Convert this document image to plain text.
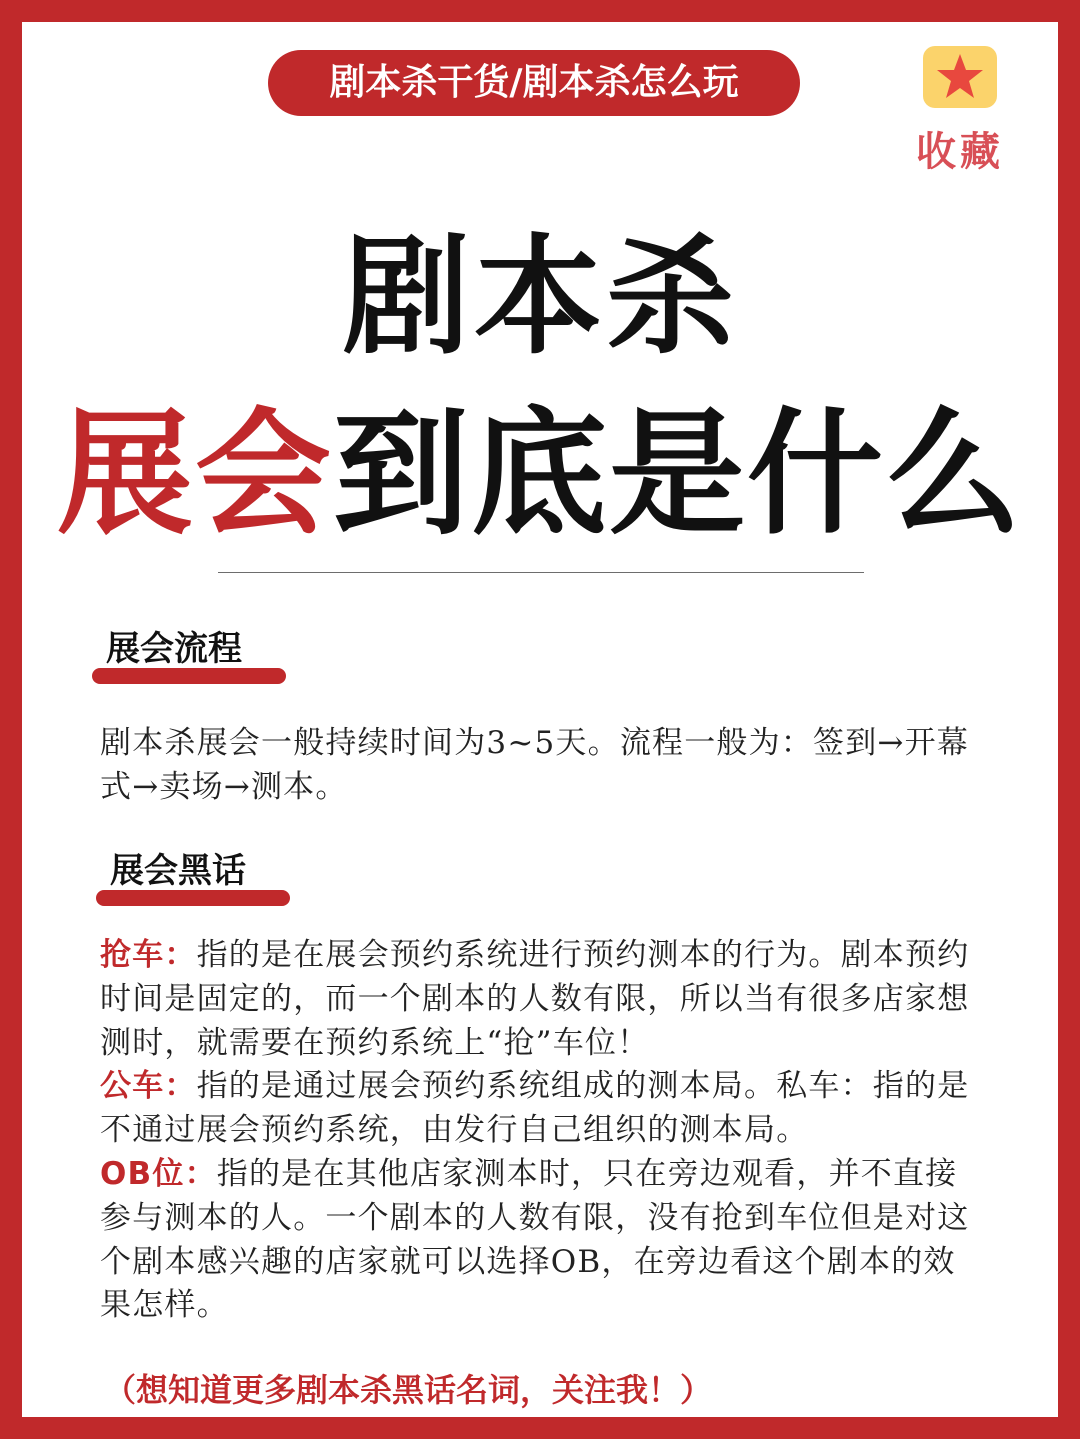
剧本杀干货/剧本杀怎么玩
收藏
剧本杀
展会到底是什么
展会流程
剧本杀展会一般持续时间为3~5天。流程一般为：签到→开幕式→卖场→测本。
展会黑话
抢车：指的是在展会预约系统进行预约测本的行为。剧本预约时间是固定的，而一个剧本的人数有限，所以当有很多店家想测时，就需要在预约系统上“抢”车位！
公车：指的是通过展会预约系统组成的测本局。私车：指的是不通过展会预约系统，由发行自己组织的测本局。
OB位：指的是在其他店家测本时，只在旁边观看，并不直接参与测本的人。一个剧本的人数有限，没有抢到车位但是对这个剧本感兴趣的店家就可以选择OB，在旁边看这个剧本的效果怎样。
（想知道更多剧本杀黑话名词，关注我！）
